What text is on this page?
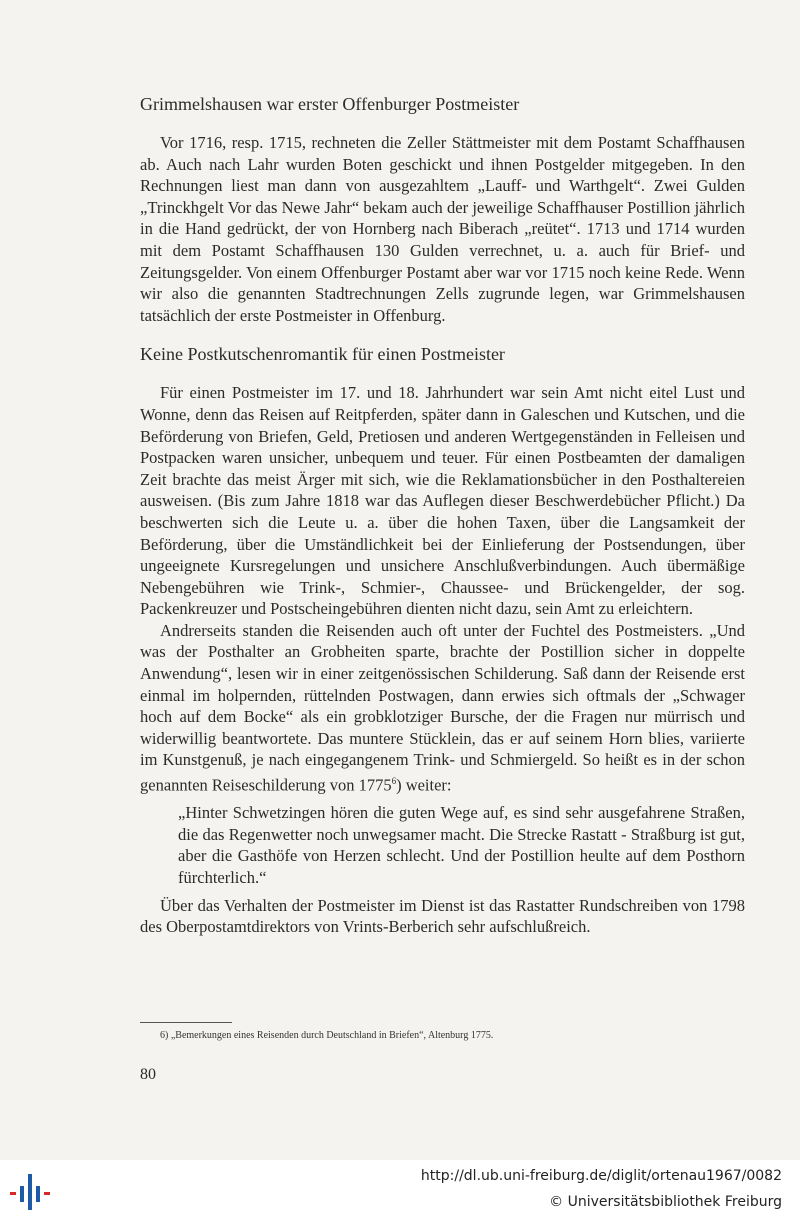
Grimmelshausen war erster Offenburger Postmeister

Vor 1716, resp. 1715, rechneten die Zeller Stättmeister mit dem Postamt Schaffhausen ab. Auch nach Lahr wurden Boten geschickt und ihnen Postgelder mitgegeben. In den Rechnungen liest man dann von ausgezahltem „Lauff- und Warthgelt“. Zwei Gulden „Trinckhgelt Vor das Newe Jahr“ bekam auch der jeweilige Schaffhauser Postillion jährlich in die Hand gedrückt, der von Hornberg nach Biberach „reütet“. 1713 und 1714 wurden mit dem Postamt Schaffhausen 130 Gulden verrechnet, u. a. auch für Brief- und Zeitungsgelder. Von einem Offenburger Postamt aber war vor 1715 noch keine Rede. Wenn wir also die genannten Stadtrechnungen Zells zugrunde legen, war Grimmelshausen tatsächlich der erste Postmeister in Offenburg.

Keine Postkutschenromantik für einen Postmeister

Für einen Postmeister im 17. und 18. Jahrhundert war sein Amt nicht eitel Lust und Wonne, denn das Reisen auf Reitpferden, später dann in Galeschen und Kutschen, und die Beförderung von Briefen, Geld, Pretiosen und anderen Wertgegenständen in Felleisen und Postpacken waren unsicher, unbequem und teuer. Für einen Postbeamten der damaligen Zeit brachte das meist Ärger mit sich, wie die Reklamationsbücher in den Posthaltereien ausweisen. (Bis zum Jahre 1818 war das Auflegen dieser Beschwerdebücher Pflicht.) Da beschwerten sich die Leute u. a. über die hohen Taxen, über die Langsamkeit der Beförderung, über die Umständlichkeit bei der Einlieferung der Postsendungen, über ungeeignete Kursregelungen und unsichere Anschlußverbindungen. Auch übermäßige Nebengebühren wie Trink-, Schmier-, Chaussee- und Brückengelder, der sog. Packenkreuzer und Postscheingebühren dienten nicht dazu, sein Amt zu erleichtern.

Andrerseits standen die Reisenden auch oft unter der Fuchtel des Postmeisters. „Und was der Posthalter an Grobheiten sparte, brachte der Postillion sicher in doppelte Anwendung“, lesen wir in einer zeitgenössischen Schilderung. Saß dann der Reisende erst einmal im holpernden, rüttelnden Postwagen, dann erwies sich oftmals der „Schwager hoch auf dem Bocke“ als ein grobklotziger Bursche, der die Fragen nur mürrisch und widerwillig beantwortete. Das muntere Stücklein, das er auf seinem Horn blies, variierte im Kunstgenuß, je nach eingegangenem Trink- und Schmiergeld. So heißt es in der schon genannten Reiseschilderung von 1775$^6$) weiter:

„Hinter Schwetzingen hören die guten Wege auf, es sind sehr ausgefahrene Straßen, die das Regenwetter noch unwegsamer macht. Die Strecke Rastatt - Straßburg ist gut, aber die Gasthöfe von Herzen schlecht. Und der Postillion heulte auf dem Posthorn fürchterlich.“

Über das Verhalten der Postmeister im Dienst ist das Rastatter Rundschreiben von 1798 des Oberpostamtdirektors von Vrints-Berberich sehr aufschlußreich.

6) „Bemerkungen eines Reisenden durch Deutschland in Briefen“, Altenburg 1775.
80
http://dl.ub.uni-freiburg.de/diglit/ortenau1967/0082
© Universitätsbibliothek Freiburg
